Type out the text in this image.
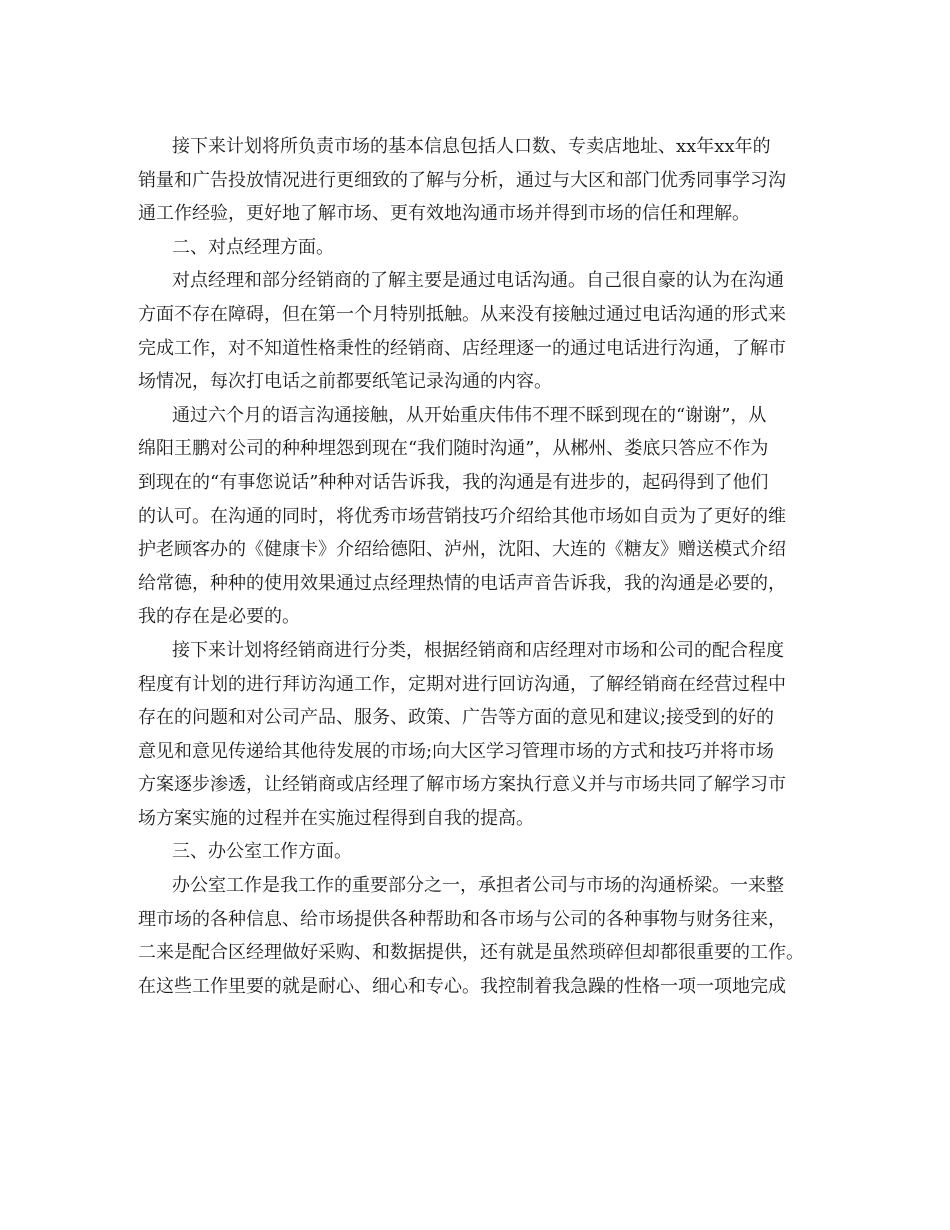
接下来计划将所负责市场的基本信息包括人口数、专卖店地址、xx年xx年的
销量和广告投放情况进行更细致的了解与分析，通过与大区和部门优秀同事学习沟
通工作经验，更好地了解市场、更有效地沟通市场并得到市场的信任和理解。
二、对点经理方面。
对点经理和部分经销商的了解主要是通过电话沟通。自己很自豪的认为在沟通
方面不存在障碍，但在第一个月特别抵触。从来没有接触过通过电话沟通的形式来
完成工作，对不知道性格秉性的经销商、店经理逐一的通过电话进行沟通，了解市
场情况，每次打电话之前都要纸笔记录沟通的内容。
通过六个月的语言沟通接触，从开始重庆伟伟不理不睬到现在的“谢谢”，从
绵阳王鹏对公司的种种埋怨到现在“我们随时沟通”，从郴州、娄底只答应不作为
到现在的“有事您说话”种种对话告诉我，我的沟通是有进步的，起码得到了他们
的认可。在沟通的同时，将优秀市场营销技巧介绍给其他市场如自贡为了更好的维
护老顾客办的《健康卡》介绍给德阳、泸州，沈阳、大连的《糖友》赠送模式介绍
给常德，种种的使用效果通过点经理热情的电话声音告诉我，我的沟通是必要的，
我的存在是必要的。
接下来计划将经销商进行分类，根据经销商和店经理对市场和公司的配合程度
程度有计划的进行拜访沟通工作，定期对进行回访沟通，了解经销商在经营过程中
存在的问题和对公司产品、服务、政策、广告等方面的意见和建议;接受到的好的
意见和意见传递给其他待发展的市场;向大区学习管理市场的方式和技巧并将市场
方案逐步渗透，让经销商或店经理了解市场方案执行意义并与市场共同了解学习市
场方案实施的过程并在实施过程得到自我的提高。
三、办公室工作方面。
办公室工作是我工作的重要部分之一，承担者公司与市场的沟通桥梁。一来整
理市场的各种信息、给市场提供各种帮助和各市场与公司的各种事物与财务往来，
二来是配合区经理做好采购、和数据提供，还有就是虽然琐碎但却都很重要的工作。
在这些工作里要的就是耐心、细心和专心。我控制着我急躁的性格一项一项地完成
